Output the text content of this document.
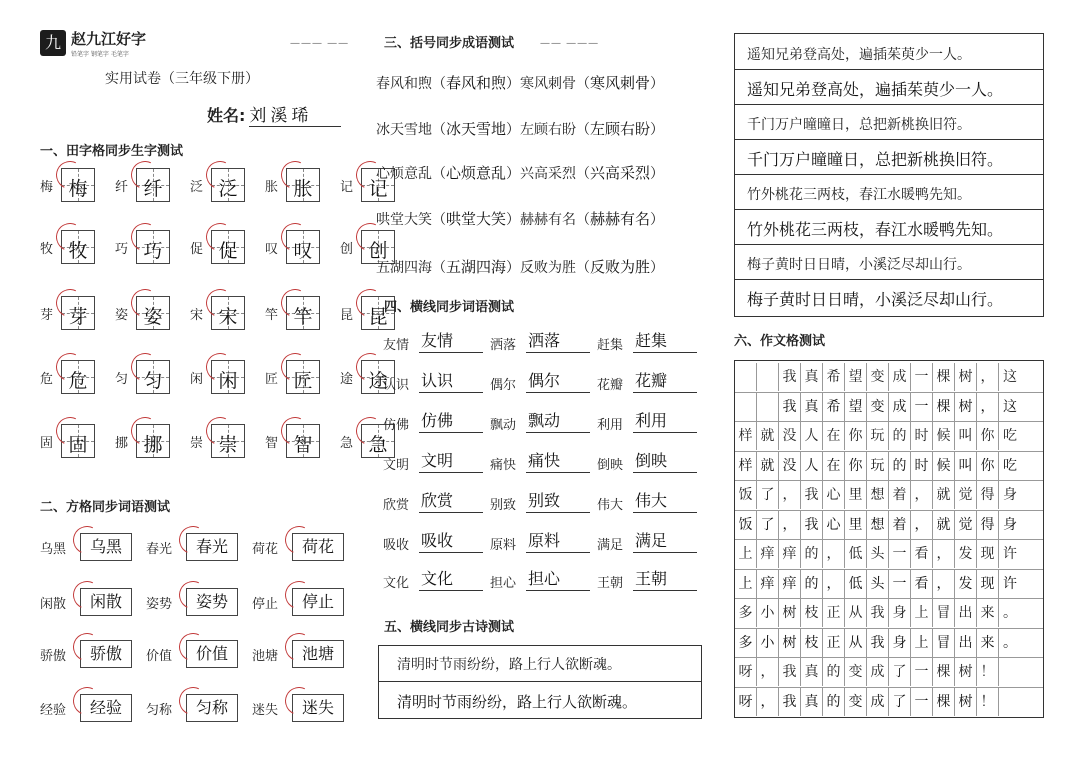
九 赵九江好字
铅笔字 钢笔字 毛笔字
实用试卷（三年级下册）
姓名: 刘溪琋
一、田字格同步生字测试
梅 梅	纤 纤	泛 泛	胀 胀	记 记
牧 牧	巧 巧	促 促	叹 叹	创 创
芽 芽	姿 姿	宋 宋	竿 竿	昆 昆
危 危	匀 匀	闲 闲	匠 匠	途 途
固 固	挪 挪	崇 崇	智 智	急 急
二、方格同步词语测试
乌黑	乌黑	春光	春光	荷花	荷花
闲散	闲散	姿势	姿势	停止	停止
骄傲	骄傲	价值	价值	池塘	池塘
经验	经验	匀称	匀称	迷失	迷失
——— ——	三、括号同步成语测试	—— ———
春风和煦（春风和煦）寒风刺骨（寒风刺骨）
冰天雪地（冰天雪地）左顾右盼（左顾右盼）
心烦意乱（心烦意乱）兴高采烈（兴高采烈）
哄堂大笑（哄堂大笑）赫赫有名（赫赫有名）
五湖四海（五湖四海）反败为胜（反败为胜）
四、横线同步词语测试
友情 友情	洒落 洒落	赶集 赶集
认识 认识	偶尔 偶尔	花瓣 花瓣
仿佛 仿佛	飘动 飘动	利用 利用
文明 文明	痛快 痛快	倒映 倒映
欣赏 欣赏	别致 别致	伟大 伟大
吸收 吸收	原料 原料	满足 满足
文化 文化	担心 担心	王朝 王朝
五、横线同步古诗测试
清明时节雨纷纷，路上行人欲断魂。
清明时节雨纷纷，路上行人欲断魂。
遥知兄弟登高处，遍插茱萸少一人。
遥知兄弟登高处，遍插茱萸少一人。
千门万户曈曈日，总把新桃换旧符。
千门万户曈曈日，总把新桃换旧符。
竹外桃花三两枝，春江水暖鸭先知。
竹外桃花三两枝，春江水暖鸭先知。
梅子黄时日日晴，小溪泛尽却山行。
梅子黄时日日晴，小溪泛尽却山行。
六、作文格测试
我 真 希 望 变 成 一 棵 树 ， 这
我 真 希 望 变 成 一 棵 树 ， 这
样 就 没 人 在 你 玩 的 时 候 叫 你 吃
样 就 没 人 在 你 玩 的 时 候 叫 你 吃
饭 了 ， 我 心 里 想 着 ， 就 觉 得 身
饭 了 ， 我 心 里 想 着 ， 就 觉 得 身
上 痒 痒 的 ， 低 头 一 看 ， 发 现 许
上 痒 痒 的 ， 低 头 一 看 ， 发 现 许
多 小 树 枝 正 从 我 身 上 冒 出 来 。
多 小 树 枝 正 从 我 身 上 冒 出 来 。
呀 ， 我 真 的 变 成 了 一 棵 树 ！
呀 ， 我 真 的 变 成 了 一 棵 树 ！
